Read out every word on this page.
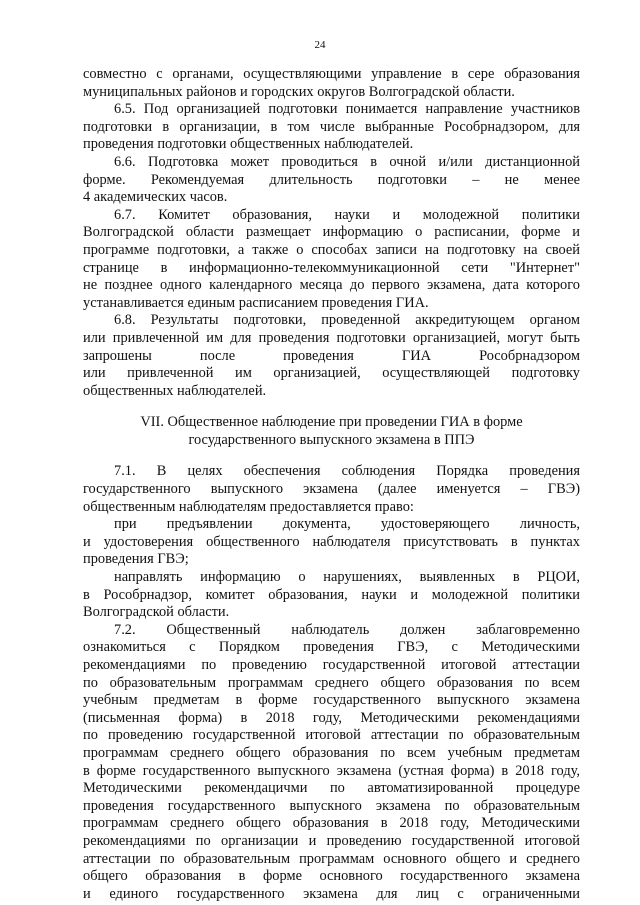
24
совместно с органами, осуществляющими управление в сере образования
муниципальных районов и городских округов Волгоградской области.
6.5. Под организацией подготовки понимается направление участников
подготовки в организации, в том числе выбранные Рособрнадзором, для
проведения подготовки общественных наблюдателей.
6.6. Подготовка может проводиться в очной и/или дистанционной
форме. Рекомендуемая длительность подготовки – не менее
4 академических часов.
6.7. Комитет образования, науки и молодежной политики
Волгоградской области размещает информацию о расписании, форме и
программе подготовки, а также о способах записи на подготовку на своей
странице в информационно-телекоммуникационной сети "Интернет"
не позднее одного календарного месяца до первого экзамена, дата которого
устанавливается единым расписанием проведения ГИА.
6.8. Результаты подготовки, проведенной аккредитующем органом
или привлеченной им для проведения подготовки организацией, могут быть
запрошены после проведения ГИА Рособрнадзором
или привлеченной им организацией, осуществляющей подготовку
общественных наблюдателей.
VII. Общественное наблюдение при проведении ГИА в форме
государственного выпускного экзамена в ППЭ
7.1. В целях обеспечения соблюдения Порядка проведения
государственного выпускного экзамена (далее именуется – ГВЭ)
общественным наблюдателям предоставляется право:
при предъявлении документа, удостоверяющего личность,
и удостоверения общественного наблюдателя присутствовать в пунктах
проведения ГВЭ;
направлять информацию о нарушениях, выявленных в РЦОИ,
в Рособрнадзор, комитет образования, науки и молодежной политики
Волгоградской области.
7.2. Общественный наблюдатель должен заблаговременно
ознакомиться с Порядком проведения ГВЭ, с Методическими
рекомендациями по проведению государственной итоговой аттестации
по образовательным программам среднего общего образования по всем
учебным предметам в форме государственного выпускного экзамена
(письменная форма) в 2018 году, Методическими рекомендациями
по проведению государственной итоговой аттестации по образовательным
программам среднего общего образования по всем учебным предметам
в форме государственного выпускного экзамена (устная форма) в 2018 году,
Методическими рекомендацичми по автоматизированной процедуре
проведения государственного выпускного экзамена по образовательным
программам среднего общего образования в 2018 году, Методическими
рекомендациями по организации и проведению государственной итоговой
аттестации по образовательным программам основного общего и среднего
общего образования в форме основного государственного экзамена
и единого государственного экзамена для лиц с ограниченными
